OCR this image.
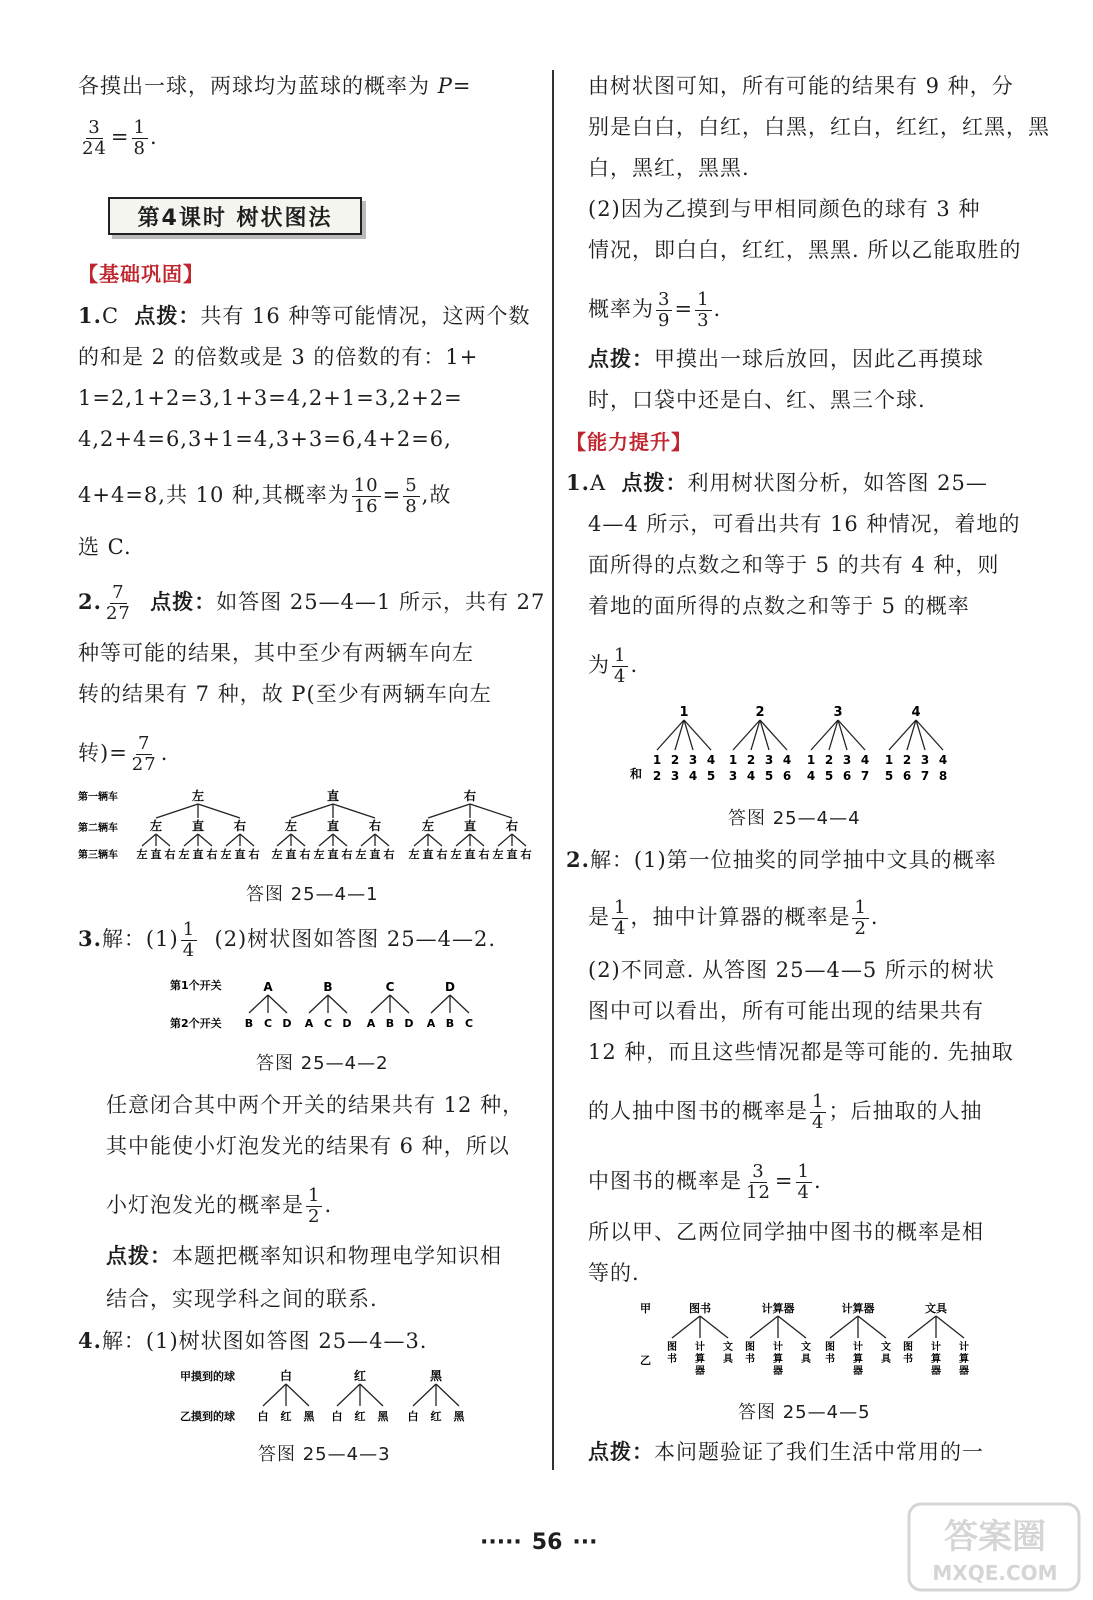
各摸出一球，两球均为蓝球的概率为 P=
$\frac{3}{24} = \frac{1}{8}$ .
第4课时 树状图法
【基础巩固】
1.C 点拨：共有 16 种等可能情况，这两个数
的和是 2 的倍数或是 3 的倍数的有：1+
1=2,1+2=3,1+3=4,2+1=3,2+2=
4,2+4=6,3+1=4,3+3=6,4+2=6,
4+4=8,共 10 种,其概率为 $\frac{10}{16} = \frac{5}{8}$ ,故
选 C.
2. $\frac{7}{27}$ 点拨：如答图 25—4—1 所示，共有 27
种等可能的结果，其中至少有两辆车向左
转的结果有 7 种，故 P(至少有两辆车向左
转)= $\frac{7}{27}$ .
第一辆车
第二辆车
第三辆车
左
左
左 直 右
直
左 直 右
右
左 直 右
直
左
左 直 右
直
左 直 右
右
左 直 右
右
左
左 直 右
直
左 直 右
右
左 直 右
答图 25—4—1
3.解：$(1) \frac{1}{4} (2)$树状图如答图 25—4—2.
第1个开关
第2个开关
A
B C D
B
A C D
C
A B D
D
A B C
答图 25—4—2
任意闭合其中两个开关的结果共有 12 种，
其中能使小灯泡发光的结果有 6 种，所以
小灯泡发光的概率是 $\frac{1}{2}$ .
点拨：本题把概率知识和物理电学知识相
结合，实现学科之间的联系.
4.解：(1)树状图如答图 25—4—3.
甲摸到的球
乙摸到的球
白
白 红 黑
红
白 红 黑
黑
白 红 黑
答图 25—4—3
由树状图可知，所有可能的结果有 9 种，分
别是白白，白红，白黑，红白，红红，红黑，黑
白，黑红，黑黑.
(2)因为乙摸到与甲相同颜色的球有 3 种
情况，即白白，红红，黑黑. 所以乙能取胜的
概率为 $\frac{3}{9} = \frac{1}{3}$ .
点拨：甲摸出一球后放回，因此乙再摸球
时，口袋中还是白、红、黑三个球.
【能力提升】
1.A 点拨：利用树状图分析，如答图 25—
4—4 所示，可看出共有 16 种情况，着地的
面所得的点数之和等于 5 的共有 4 种，则
着地的面所得的点数之和等于 5 的概率
为 $\frac{1}{4}$ .
和
1
1
2
2
3
3
4
4
5
2
1
3
2
4
3
5
4
6
3
1
4
2
5
3
6
4
7
4
1
5
2
6
3
7
4
8
答图 25—4—4
2.解：(1)第一位抽奖的同学抽中文具的概率
是 $\frac{1}{4}$ ，抽中计算器的概率是 $\frac{1}{2}$ .
(2)不同意. 从答图 25—4—5 所示的树状
图中可以看出，所有可能出现的结果共有
12 种，而且这些情况都是等可能的. 先抽取
的人抽中图书的概率是 $\frac{1}{4}$ ；后抽取的人抽
中图书的概率是 $\frac{3}{12} = \frac{1}{4}$ .
所以甲、乙两位同学抽中图书的概率是相
等的.
甲
乙
图书
图
书
计
算
器
文
具
计算器
图
书
计
算
器
文
具
计算器
图
书
计
算
器
文
具
文具
图
书
计
算
器
计
算
器
答图 25—4—5
点拨：本问题验证了我们生活中常用的一
····· 56 ···	答案圈
MXQE.COM
